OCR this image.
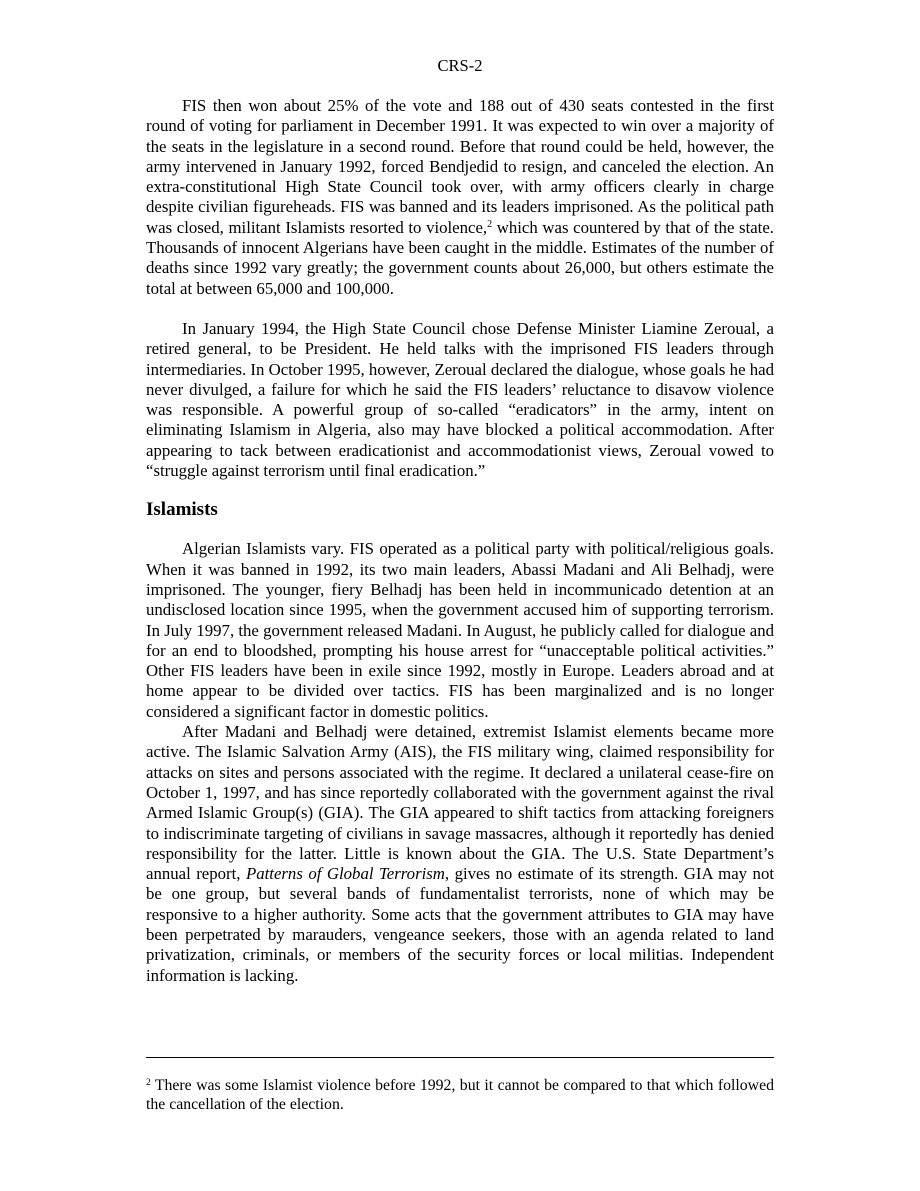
CRS-2

FIS then won about 25% of the vote and 188 out of 430 seats contested in the first round of voting for parliament in December 1991. It was expected to win over a majority of the seats in the legislature in a second round. Before that round could be held, however, the army intervened in January 1992, forced Bendjedid to resign, and canceled the election. An extra-constitutional High State Council took over, with army officers clearly in charge despite civilian figureheads. FIS was banned and its leaders imprisoned. As the political path was closed, militant Islamists resorted to violence,$^2$ which was countered by that of the state. Thousands of innocent Algerians have been caught in the middle. Estimates of the number of deaths since 1992 vary greatly; the government counts about 26,000, but others estimate the total at between 65,000 and 100,000.

In January 1994, the High State Council chose Defense Minister Liamine Zeroual, a retired general, to be President. He held talks with the imprisoned FIS leaders through intermediaries. In October 1995, however, Zeroual declared the dialogue, whose goals he had never divulged, a failure for which he said the FIS leaders’ reluctance to disavow violence was responsible. A powerful group of so-called “eradicators” in the army, intent on eliminating Islamism in Algeria, also may have blocked a political accommodation. After appearing to tack between eradicationist and accommodationist views, Zeroual vowed to “struggle against terrorism until final eradication.”

Islamists

Algerian Islamists vary. FIS operated as a political party with political/religious goals. When it was banned in 1992, its two main leaders, Abassi Madani and Ali Belhadj, were imprisoned. The younger, fiery Belhadj has been held in incommunicado detention at an undisclosed location since 1995, when the government accused him of supporting terrorism. In July 1997, the government released Madani. In August, he publicly called for dialogue and for an end to bloodshed, prompting his house arrest for “unacceptable political activities.” Other FIS leaders have been in exile since 1992, mostly in Europe. Leaders abroad and at home appear to be divided over tactics. FIS has been marginalized and is no longer considered a significant factor in domestic politics.

After Madani and Belhadj were detained, extremist Islamist elements became more active. The Islamic Salvation Army (AIS), the FIS military wing, claimed responsibility for attacks on sites and persons associated with the regime. It declared a unilateral cease-fire on October 1, 1997, and has since reportedly collaborated with the government against the rival Armed Islamic Group(s) (GIA). The GIA appeared to shift tactics from attacking foreigners to indiscriminate targeting of civilians in savage massacres, although it reportedly has denied responsibility for the latter. Little is known about the GIA. The U.S. State Department’s annual report, Patterns of Global Terrorism, gives no estimate of its strength. GIA may not be one group, but several bands of fundamentalist terrorists, none of which may be responsive to a higher authority. Some acts that the government attributes to GIA may have been perpetrated by marauders, vengeance seekers, those with an agenda related to land privatization, criminals, or members of the security forces or local militias. Independent information is lacking.

$^2$ There was some Islamist violence before 1992, but it cannot be compared to that which followed the cancellation of the election.
